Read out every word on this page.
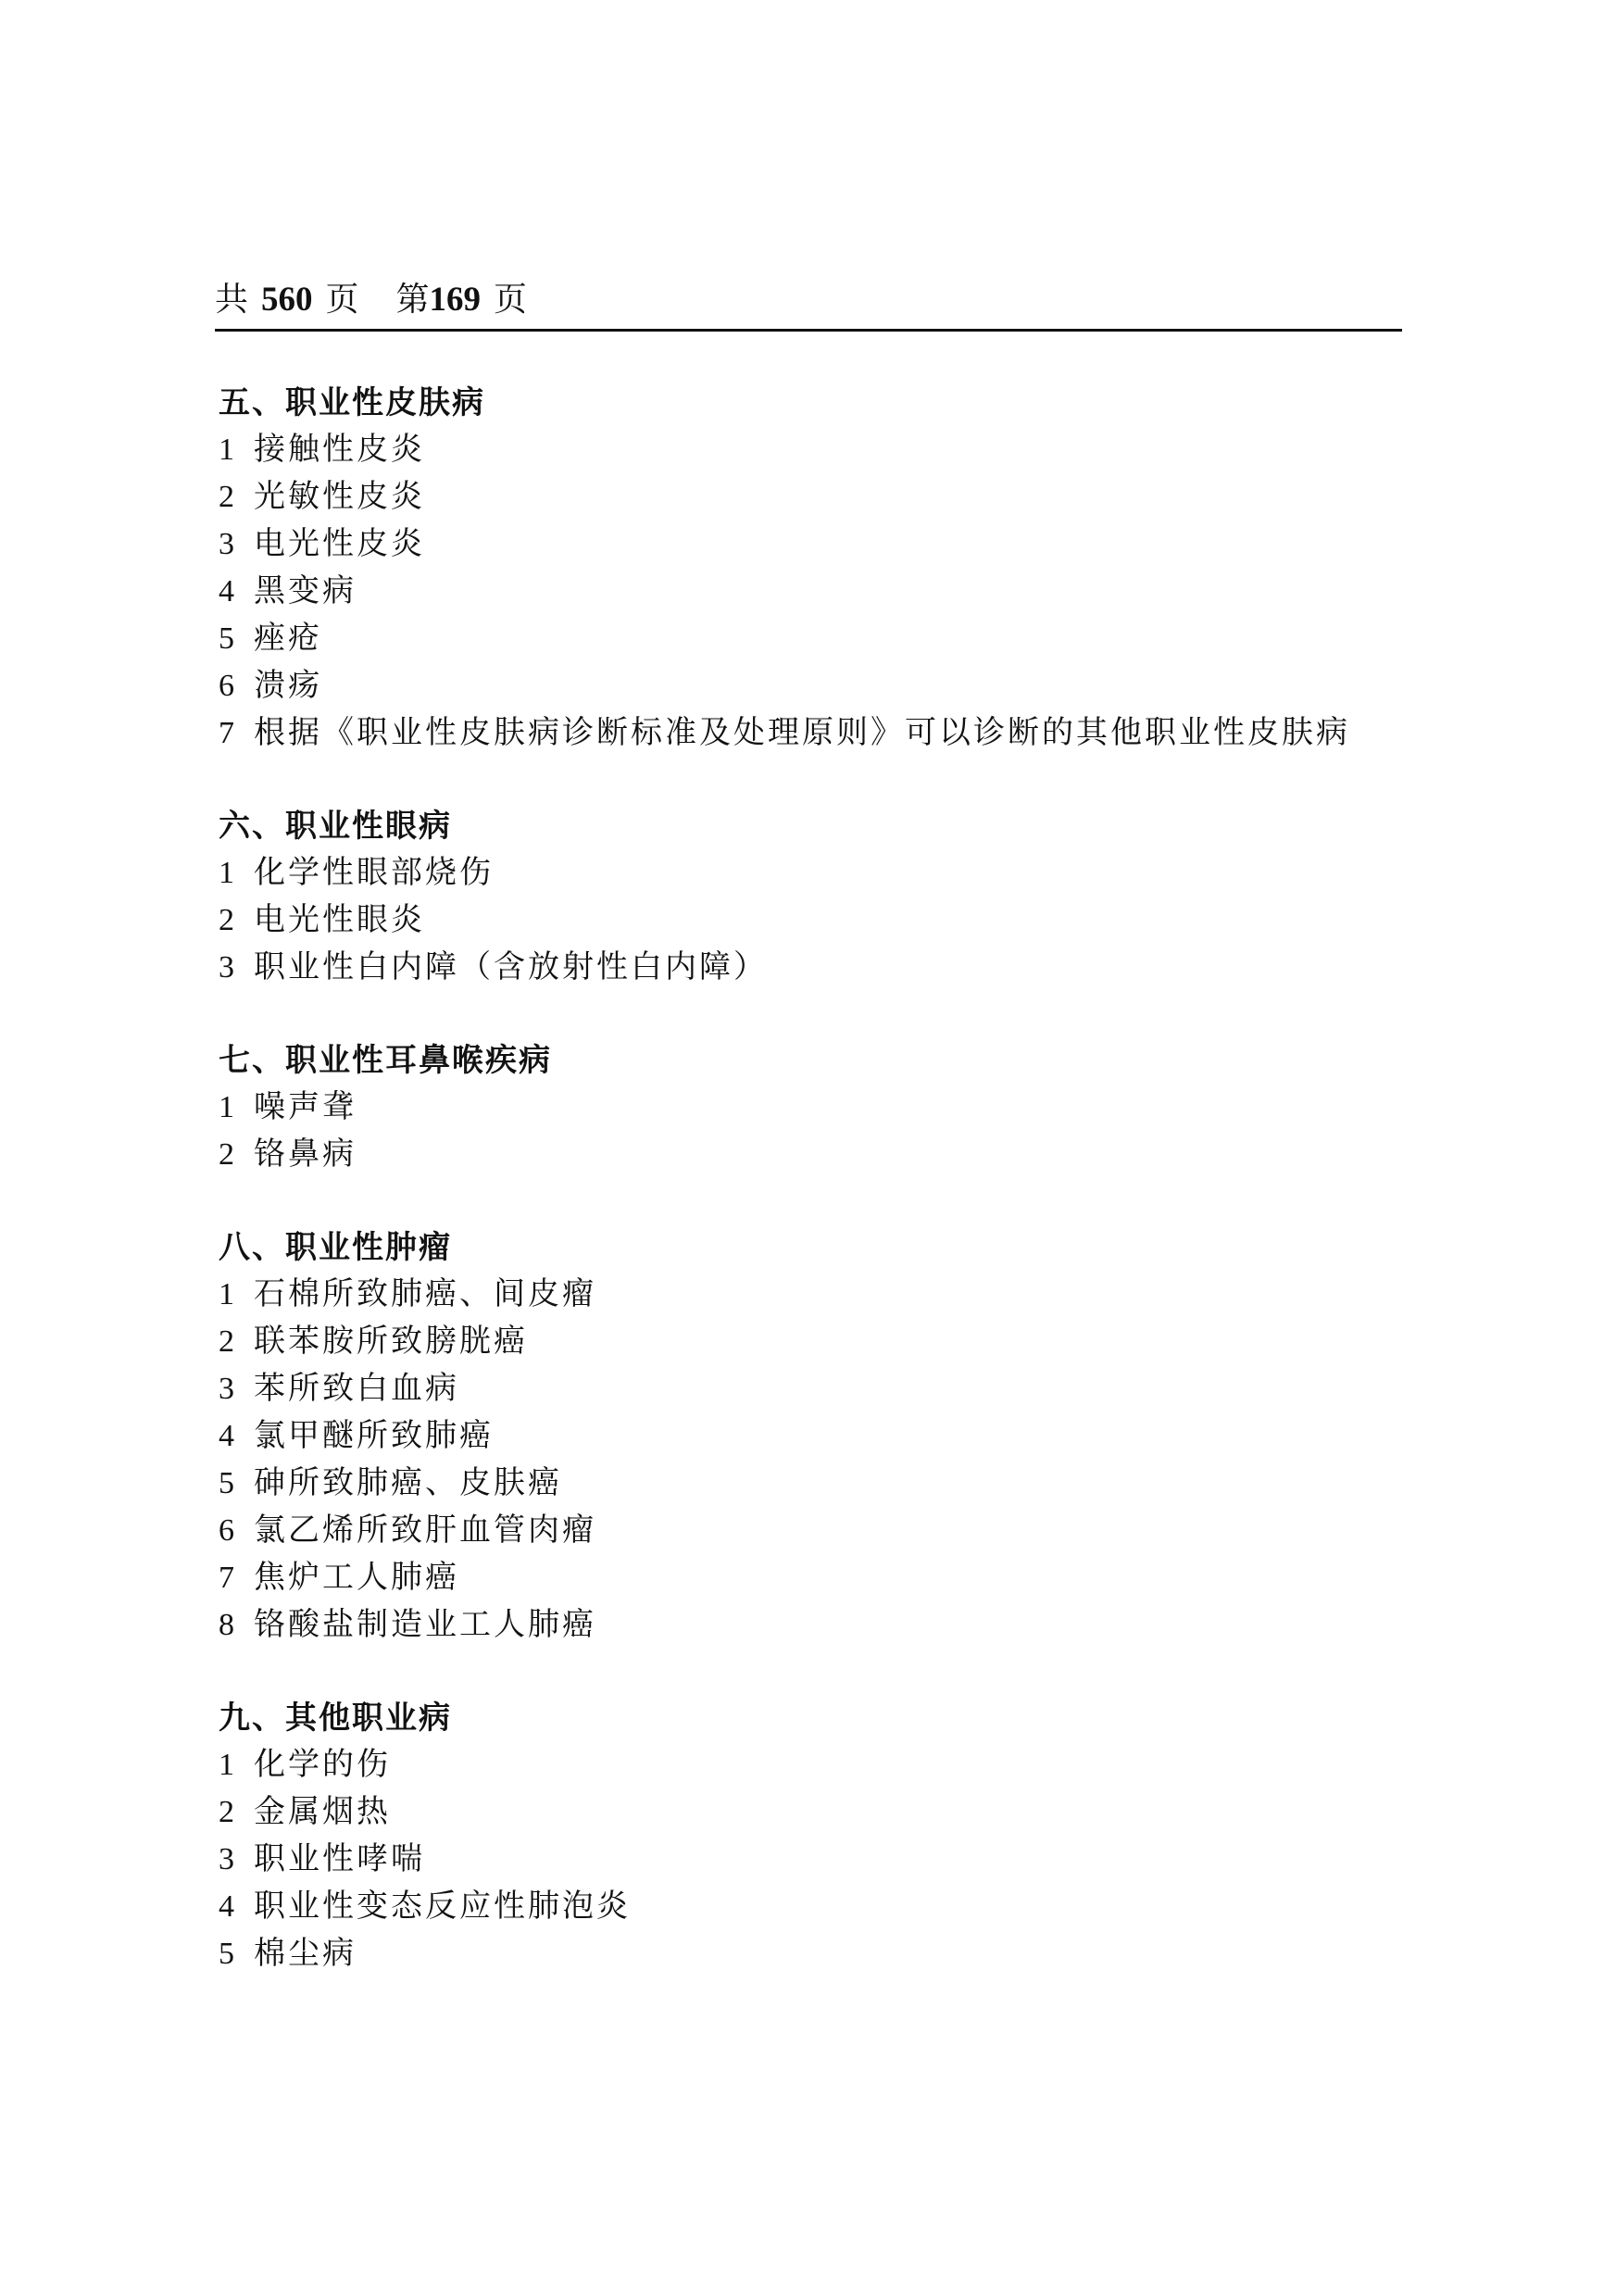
共 560 页 第169 页
五、职业性皮肤病
1 接触性皮炎
2 光敏性皮炎
3 电光性皮炎
4 黑变病
5 痤疮
6 溃疡
7 根据《职业性皮肤病诊断标准及处理原则》可以诊断的其他职业性皮肤病
六、职业性眼病
1 化学性眼部烧伤
2 电光性眼炎
3 职业性白内障（含放射性白内障）
七、职业性耳鼻喉疾病
1 噪声聋
2 铬鼻病
八、职业性肿瘤
1 石棉所致肺癌、间皮瘤
2 联苯胺所致膀胱癌
3 苯所致白血病
4 氯甲醚所致肺癌
5 砷所致肺癌、皮肤癌
6 氯乙烯所致肝血管肉瘤
7 焦炉工人肺癌
8 铬酸盐制造业工人肺癌
九、其他职业病
1 化学的伤
2 金属烟热
3 职业性哮喘
4 职业性变态反应性肺泡炎
5 棉尘病
